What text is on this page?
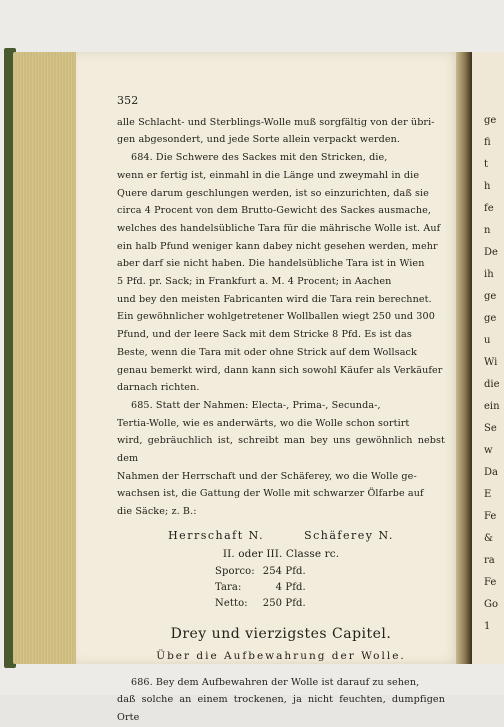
ge
fi
t
h
fe
n
De
ih
ge
ge
u
Wi
die
ein
Se
w
Da
E
Fe
&
ra
Fe
Go
1
352
alle Schlacht- und Sterblings-Wolle muß sorgfältig von der übri-
gen abgesondert, und jede Sorte allein verpackt werden.
684. Die Schwere des Sackes mit den Stricken, die,
wenn er fertig ist, einmahl in die Länge und zweymahl in die
Quere darum geschlungen werden, ist so einzurichten, daß sie
circa 4 Procent von dem Brutto-Gewicht des Sackes ausmache,
welches des handelsübliche Tara für die mährische Wolle ist. Auf
ein halb Pfund weniger kann dabey nicht gesehen werden, mehr
aber darf sie nicht haben. Die handelsübliche Tara ist in Wien
5 Pfd. pr. Sack; in Frankfurt a. M. 4 Procent; in Aachen
und bey den meisten Fabricanten wird die Tara rein berechnet.
Ein gewöhnlicher wohlgetretener Wollballen wiegt 250 und 300
Pfund, und der leere Sack mit dem Stricke 8 Pfd. Es ist das
Beste, wenn die Tara mit oder ohne Strick auf dem Wollsack
genau bemerkt wird, dann kann sich sowohl Käufer als Verkäufer
darnach richten.
685. Statt der Nahmen: Electa-, Prima-, Secunda-,
Tertia-Wolle, wie es anderwärts, wo die Wolle schon sortirt
wird, gebräuchlich ist, schreibt man bey uns gewöhnlich nebst dem
Nahmen der Herrschaft und der Schäferey, wo die Wolle ge-
wachsen ist, die Gattung der Wolle mit schwarzer Ölfarbe auf
die Säcke; z. B.:
Herrschaft N.	Schäferey N.
II. oder III. Classe rc.
Sporco:	254 Pfd.
Tara:	4 Pfd.
Netto:	250 Pfd.
Drey und vierzigstes Capitel.
Über die Aufbewahrung der Wolle.
686. Bey dem Aufbewahren der Wolle ist darauf zu sehen,
daß solche an einem trockenen, ja nicht feuchten, dumpfigen Orte
